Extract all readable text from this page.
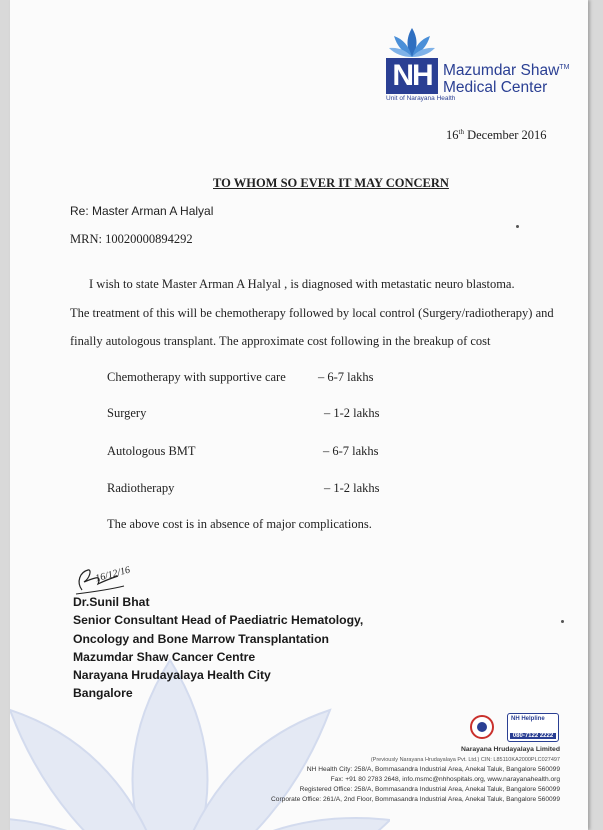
NH Mazumdar Shaw™
Medical Center
Unit of Narayana Health
16th December 2016
TO WHOM SO EVER IT MAY CONCERN
Re: Master Arman A Halyal
MRN: 10020000894292
I wish to state Master Arman A Halyal , is diagnosed with metastatic neuro blastoma.
The treatment of this will be chemotherapy followed by local control (Surgery/radiotherapy) and
finally autologous transplant. The approximate cost following in the breakup of cost
Chemotherapy with supportive care	– 6-7 lakhs
Surgery	– 1-2 lakhs
Autologous BMT	– 6-7 lakhs
Radiotherapy	– 1-2 lakhs
The above cost is in absence of major complications.
16/12/16
Dr.Sunil Bhat
Senior Consultant Head of Paediatric Hematology,
Oncology and Bone Marrow Transplantation
Mazumdar Shaw Cancer Centre
Narayana Hrudayalaya Health City
Bangalore
NH Helpline
080-7122 2222
Narayana Hrudayalaya Limited
(Previously Narayana Hrudayalaya Pvt. Ltd.) CIN: L85110KA2000PLC027497
NH Health City: 258/A, Bommasandra Industrial Area, Anekal Taluk, Bangalore 560099
Fax: +91 80 2783 2648, info.msmc@nhhospitals.org, www.narayanahealth.org
Registered Office: 258/A, Bommasandra Industrial Area, Anekal Taluk, Bangalore 560099
Corporate Office: 261/A, 2nd Floor, Bommasandra Industrial Area, Anekal Taluk, Bangalore 560099
